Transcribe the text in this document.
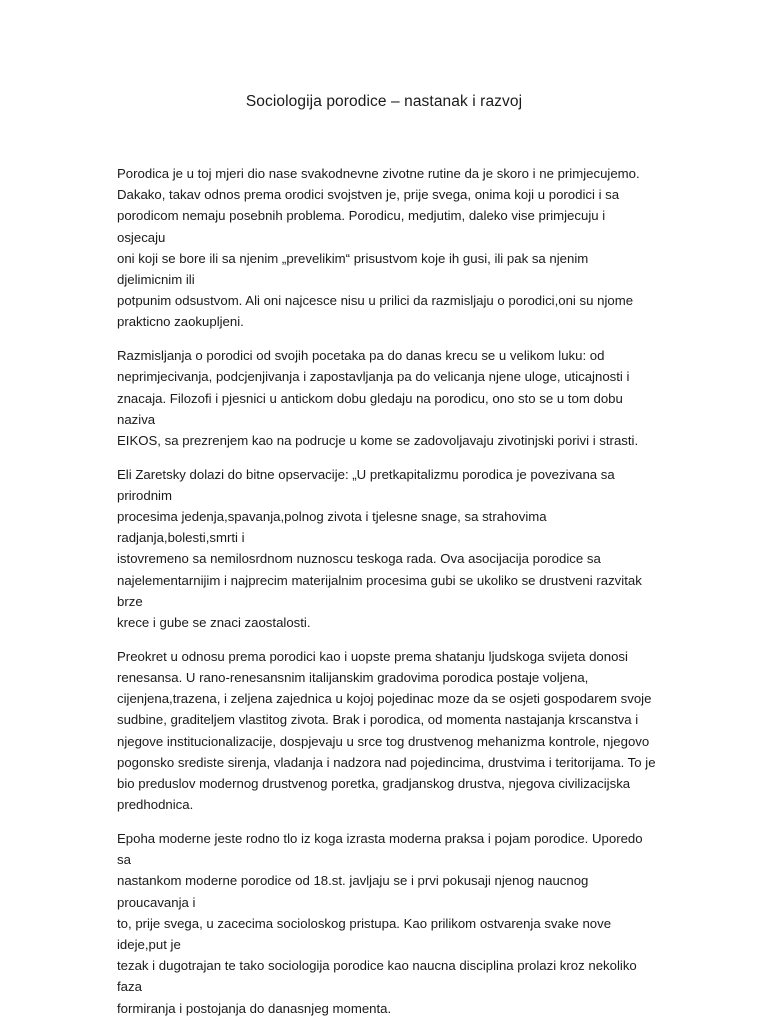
Sociologija porodice – nastanak i razvoj

Porodica je u toj mjeri dio nase svakodnevne zivotne rutine da je skoro i ne primjecujemo.
Dakako, takav odnos prema orodici svojstven je, prije svega, onima koji u porodici i sa
porodicom nemaju posebnih problema. Porodicu, medjutim, daleko vise primjecuju i osjecaju
oni koji se bore ili sa njenim „prevelikim“ prisustvom koje ih gusi, ili pak sa njenim djelimicnim ili
potpunim odsustvom. Ali oni najcesce nisu u prilici da razmisljaju o porodici,oni su njome
prakticno zaokupljeni.

Razmisljanja o porodici od svojih pocetaka pa do danas krecu se u velikom luku: od
neprimjecivanja, podcjenjivanja i zapostavljanja pa do velicanja njene uloge, uticajnosti i
znacaja. Filozofi i pjesnici u antickom dobu gledaju na porodicu, ono sto se u tom dobu naziva
EIKOS, sa prezrenjem kao na podrucje u kome se zadovoljavaju zivotinjski porivi i strasti.

Eli Zaretsky dolazi do bitne opservacije: „U pretkapitalizmu porodica je povezivana sa prirodnim
procesima jedenja,spavanja,polnog zivota i tjelesne snage, sa strahovima radjanja,bolesti,smrti i
istovremeno sa nemilosrdnom nuznoscu teskoga rada. Ova asocijacija porodice sa
najelementarnijim i najprecim materijalnim procesima gubi se ukoliko se drustveni razvitak brze
krece i gube se znaci zaostalosti.

Preokret u odnosu prema porodici kao i uopste prema shatanju ljudskoga svijeta donosi
renesansa. U rano-renesansnim italijanskim gradovima porodica postaje voljena,
cijenjena,trazena, i zeljena zajednica u kojoj pojedinac moze da se osjeti gospodarem svoje
sudbine, graditeljem vlastitog zivota. Brak i porodica, od momenta nastajanja krscanstva i
njegove institucionalizacije, dospjevaju u srce tog drustvenog mehanizma kontrole, njegovo
pogonsko srediste sirenja, vladanja i nadzora nad pojedincima, drustvima i teritorijama. To je
bio preduslov modernog drustvenog poretka, gradjanskog drustva, njegova civilizacijska
predhodnica.

Epoha moderne jeste rodno tlo iz koga izrasta moderna praksa i pojam porodice. Uporedo sa
nastankom moderne porodice od 18.st. javljaju se i prvi pokusaji njenog naucnog proucavanja i
to, prije svega, u zacecima socioloskog pristupa. Kao prilikom ostvarenja svake nove ideje,put je
tezak i dugotrajan te tako sociologija porodice kao naucna disciplina prolazi kroz nekoliko faza
formiranja i postojanja do danasnjeg momenta.
